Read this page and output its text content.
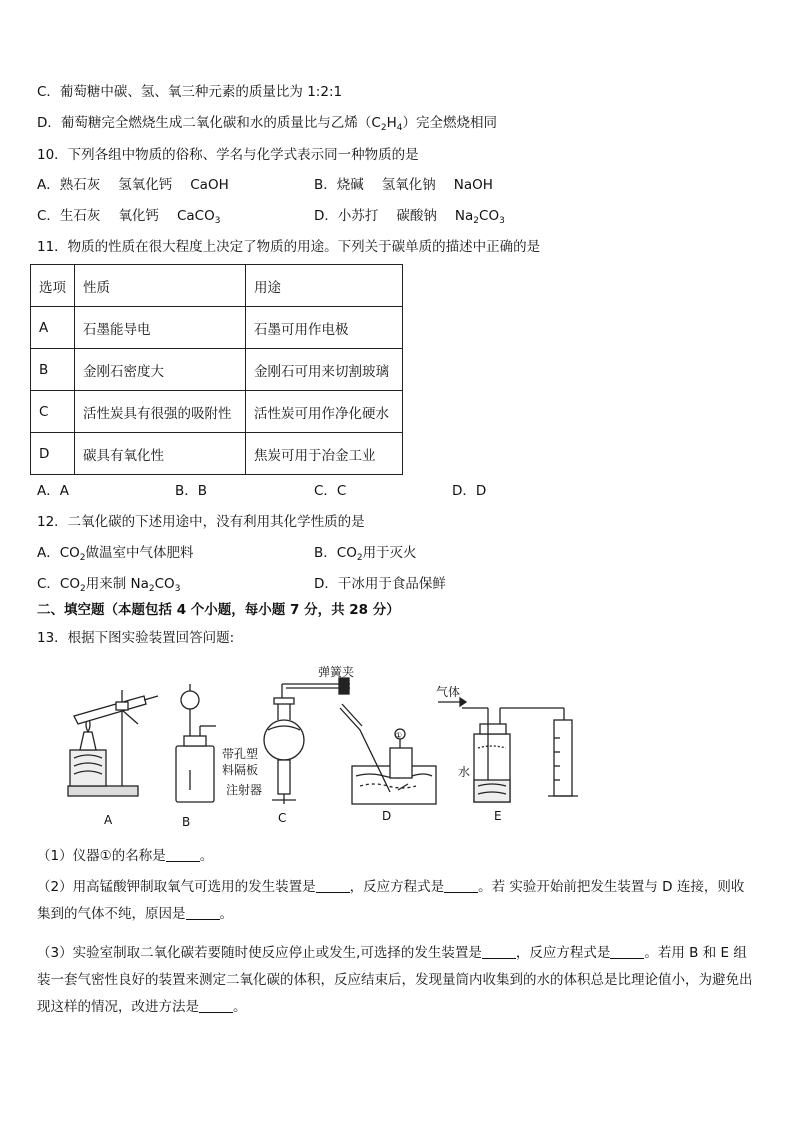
C．葡萄糖中碳、氢、氧三种元素的质量比为 1:2:1
D．葡萄糖完全燃烧生成二氧化碳和水的质量比与乙烯$(C_2H_4)$完全燃烧相同
10．下列各组中物质的俗称、学名与化学式表示同一种物质的是
A．熟石灰 氢氧化钙 CaOH	B．烧碱 氢氧化钠 NaOH
C．生石灰 氧化钙 CaCO$_3$	D．小苏打 碳酸钠 $Na_2CO_3$
11．物质的性质在很大程度上决定了物质的用途。下列关于碳单质的描述中正确的是
选项	性质	用途
A	石墨能导电	石墨可用作电极
B	金刚石密度大	金刚石可用来切割玻璃
C	活性炭具有很强的吸附性	活性炭可用作净化硬水
D	碳具有氧化性	焦炭可用于冶金工业
A．A	B．B	C．C	D．D
12．二氧化碳的下述用途中，没有利用其化学性质的是
A．$CO_2$做温室中气体肥料	B．$CO_2$用于灭火
C．$CO_2$用来制 $Na_2CO_3$	D．干冰用于食品保鲜
二、填空题（本题包括 4 个小题，每小题 7 分，共 28 分）
13．根据下图实验装置回答问题:
A	B	C	D	E
弹簧夹
气体
水
带孔塑
料隔板
注射器
①
（1）仪器①的名称是	。

（2）用高锰酸钾制取氧气可选用的发生装置是	，反应方程式是	。若 实验开始前把发生装置与 D 连接，则收集到的气体不纯，原因是	。

（3）实验室制取二氧化碳若要随时使反应停止或发生,可选择的发生装置是	，反应方程式是	。若用 B 和 E 组装一套气密性良好的装置来测定二氧化碳的体积，反应结束后，发现量筒内收集到的水的体积总是比理论值小，为避免出现这样的情况，改进方法是	。
